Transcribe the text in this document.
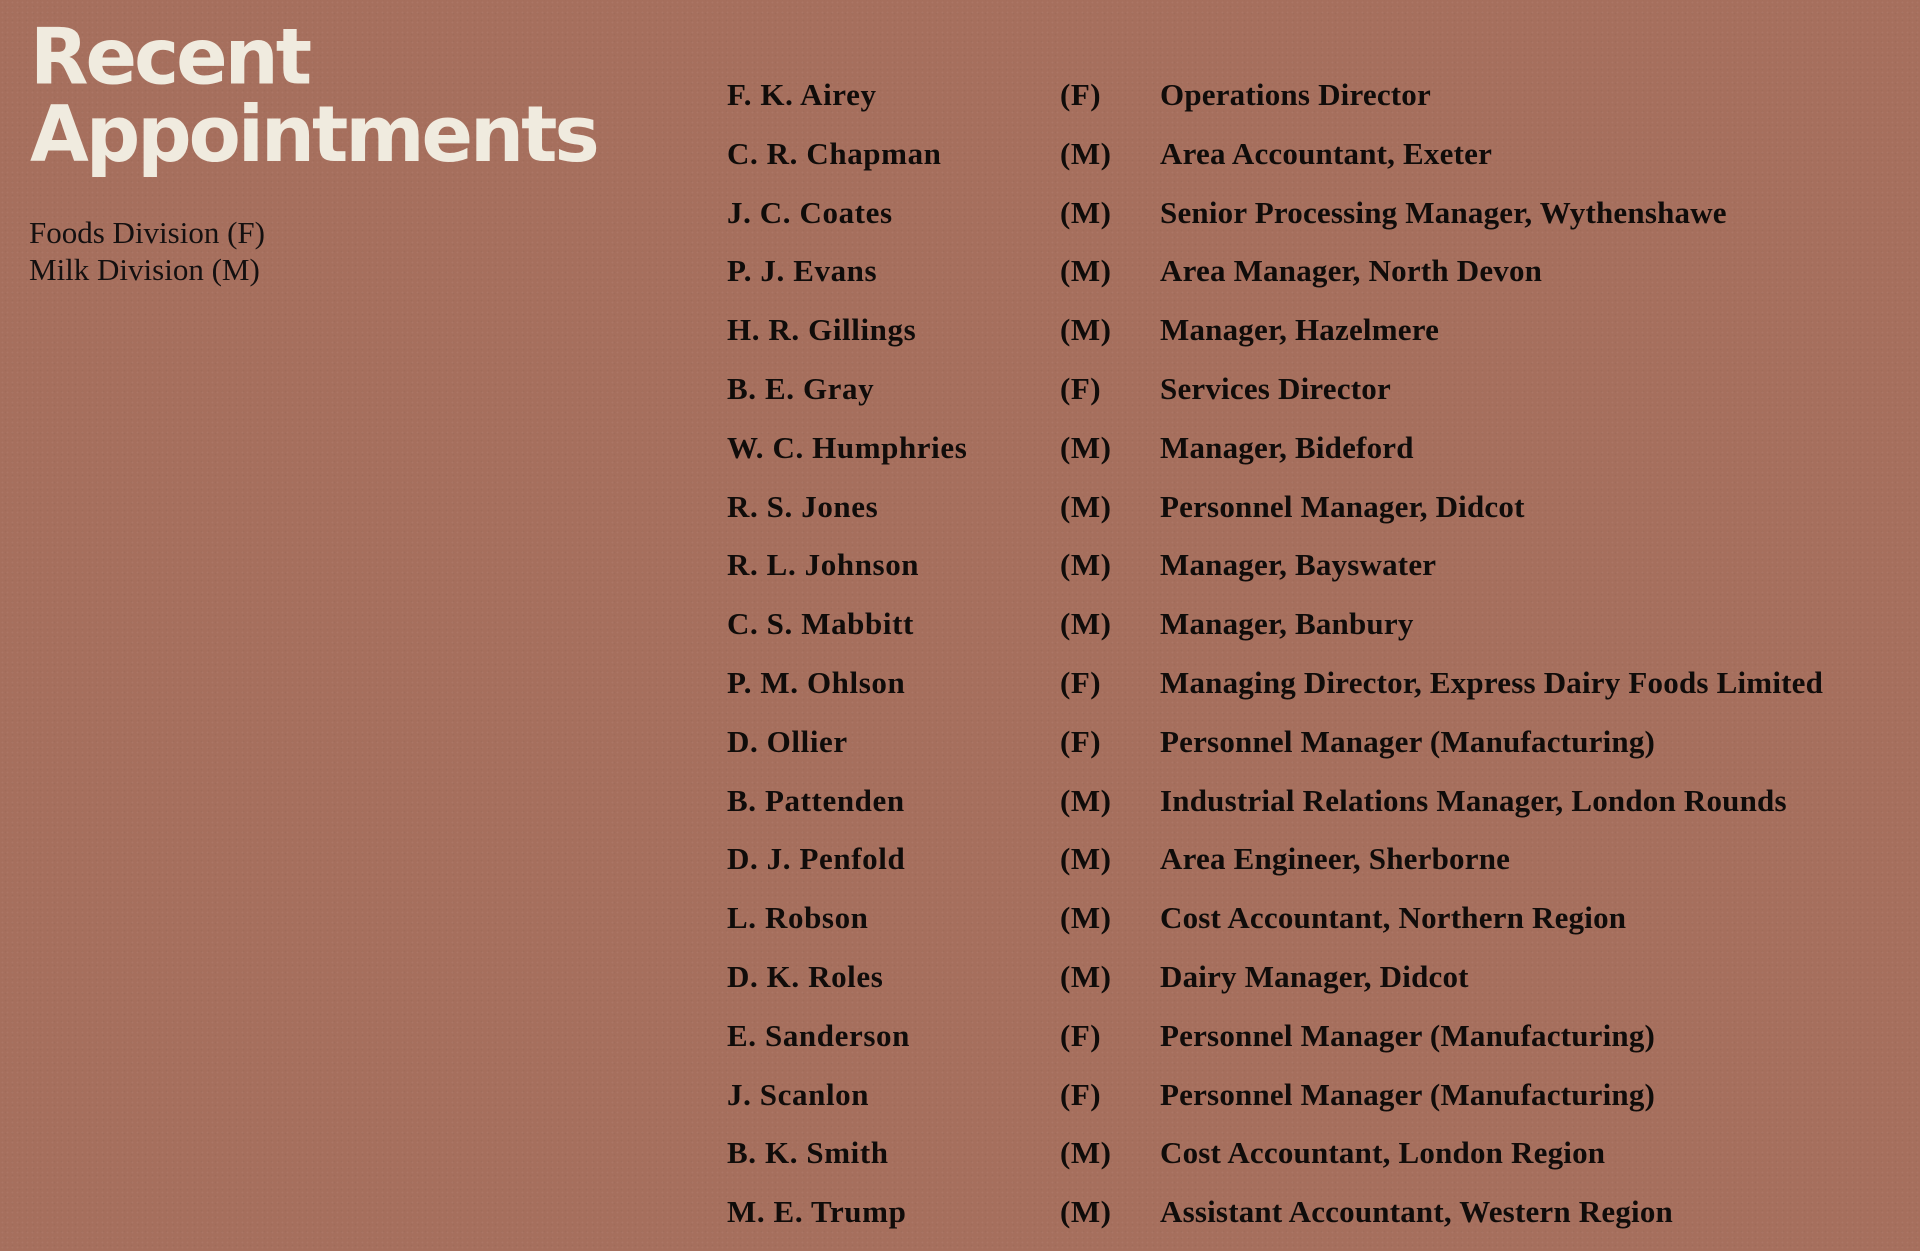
Recent
Appointments
Foods Division (F)
Milk Division (M)
F. K. Airey	(F) Operations Director
C. R. Chapman	(M) Area Accountant, Exeter
J. C. Coates	(M) Senior Processing Manager, Wythenshawe
P. J. Evans	(M) Area Manager, North Devon
H. R. Gillings	(M) Manager, Hazelmere
B. E. Gray	(F) Services Director
W. C. Humphries	(M) Manager, Bideford
R. S. Jones	(M) Personnel Manager, Didcot
R. L. Johnson	(M) Manager, Bayswater
C. S. Mabbitt	(M) Manager, Banbury
P. M. Ohlson	(F) Managing Director, Express Dairy Foods Limited
D. Ollier	(F) Personnel Manager (Manufacturing)
B. Pattenden	(M) Industrial Relations Manager, London Rounds
D. J. Penfold	(M) Area Engineer, Sherborne
L. Robson	(M) Cost Accountant, Northern Region
D. K. Roles	(M) Dairy Manager, Didcot
E. Sanderson	(F) Personnel Manager (Manufacturing)
J. Scanlon	(F) Personnel Manager (Manufacturing)
B. K. Smith	(M) Cost Accountant, London Region
M. E. Trump	(M) Assistant Accountant, Western Region
